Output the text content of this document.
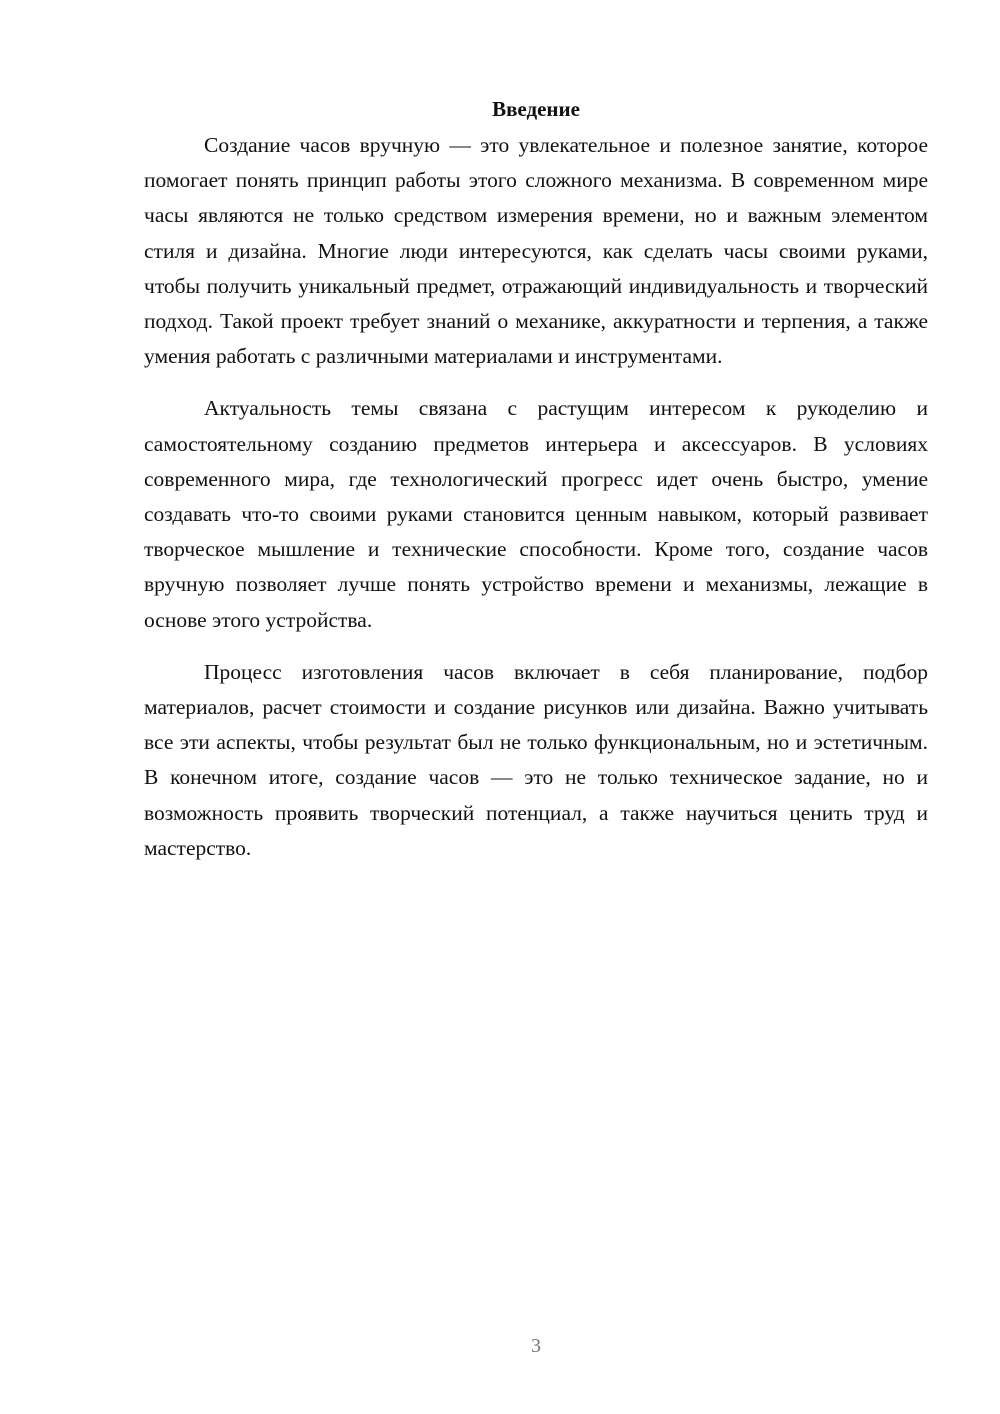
Введение

Создание часов вручную — это увлекательное и полезное занятие, которое помогает понять принцип работы этого сложного механизма. В современном мире часы являются не только средством измерения времени, но и важным элементом стиля и дизайна. Многие люди интересуются, как сделать часы своими руками, чтобы получить уникальный предмет, отражающий индивидуальность и творческий подход. Такой проект требует знаний о механике, аккуратности и терпения, а также умения работать с различными материалами и инструментами.

Актуальность темы связана с растущим интересом к рукоделию и самостоятельному созданию предметов интерьера и аксессуаров. В условиях современного мира, где технологический прогресс идет очень быстро, умение создавать что-то своими руками становится ценным навыком, который развивает творческое мышление и технические способности. Кроме того, создание часов вручную позволяет лучше понять устройство времени и механизмы, лежащие в основе этого устройства.

Процесс изготовления часов включает в себя планирование, подбор материалов, расчет стоимости и создание рисунков или дизайна. Важно учитывать все эти аспекты, чтобы результат был не только функциональным, но и эстетичным. В конечном итоге, создание часов — это не только техническое задание, но и возможность проявить творческий потенциал, а также научиться ценить труд и мастерство.

3
